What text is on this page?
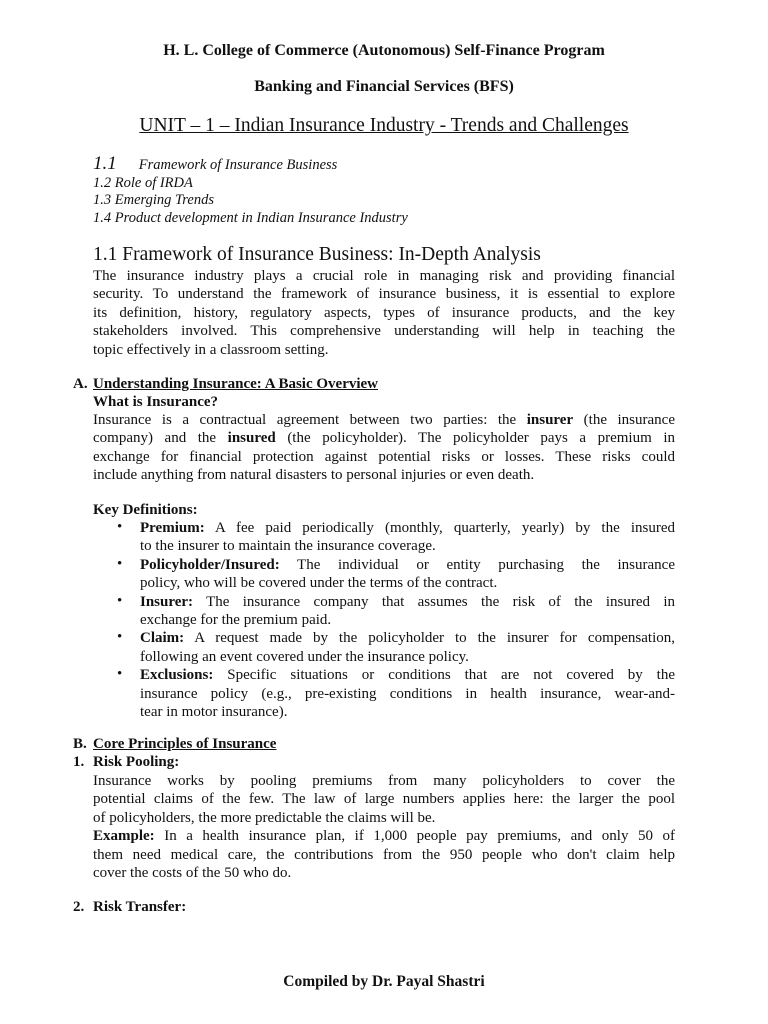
H. L. College of Commerce (Autonomous) Self-Finance Program
Banking and Financial Services (BFS)
UNIT – 1 – Indian Insurance Industry - Trends and Challenges
1.1 Framework of Insurance Business
1.2 Role of IRDA
1.3 Emerging Trends
1.4 Product development in Indian Insurance Industry
1.1 Framework of Insurance Business: In-Depth Analysis
The insurance industry plays a crucial role in managing risk and providing financial
security. To understand the framework of insurance business, it is essential to explore
its definition, history, regulatory aspects, types of insurance products, and the key
stakeholders involved. This comprehensive understanding will help in teaching the
topic effectively in a classroom setting.
A. Understanding Insurance: A Basic Overview
What is Insurance?
Insurance is a contractual agreement between two parties: the insurer (the insurance
company) and the insured (the policyholder). The policyholder pays a premium in
exchange for financial protection against potential risks or losses. These risks could
include anything from natural disasters to personal injuries or even death.
Key Definitions:
• Premium: A fee paid periodically (monthly, quarterly, yearly) by the insured
to the insurer to maintain the insurance coverage.
• Policyholder/Insured: The individual or entity purchasing the insurance
policy, who will be covered under the terms of the contract.
• Insurer: The insurance company that assumes the risk of the insured in
exchange for the premium paid.
• Claim: A request made by the policyholder to the insurer for compensation,
following an event covered under the insurance policy.
• Exclusions: Specific situations or conditions that are not covered by the
insurance policy (e.g., pre-existing conditions in health insurance, wear-and-
tear in motor insurance).
B. Core Principles of Insurance
1. Risk Pooling:
Insurance works by pooling premiums from many policyholders to cover the
potential claims of the few. The law of large numbers applies here: the larger the pool
of policyholders, the more predictable the claims will be.
Example: In a health insurance plan, if 1,000 people pay premiums, and only 50 of
them need medical care, the contributions from the 950 people who don't claim help
cover the costs of the 50 who do.
2. Risk Transfer:
Compiled by Dr. Payal Shastri
